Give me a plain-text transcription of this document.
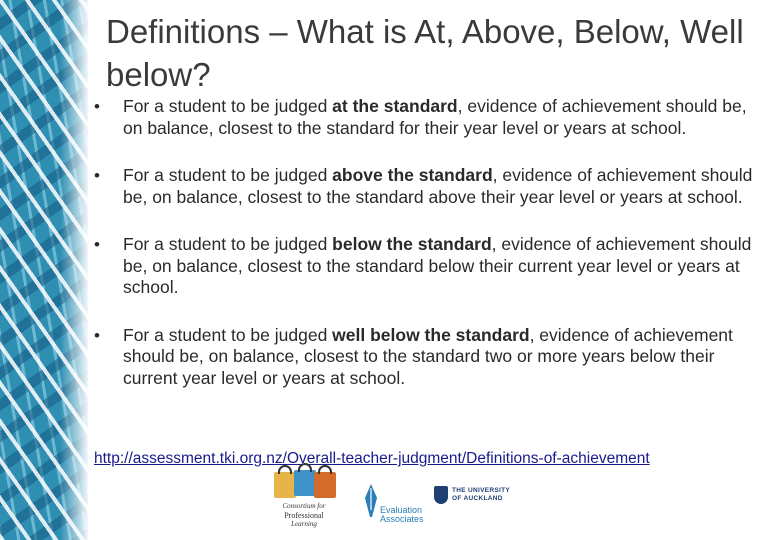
Definitions – What is At, Above, Below, Well below?

• For a student to be judged at the standard, evidence of achievement should be, on balance, closest to the standard for their year level or years at school.

• For a student to be judged above the standard, evidence of achievement should be, on balance, closest to the standard above their year level or years at school.

• For a student to be judged below the standard, evidence of achievement should be, on balance, closest to the standard below their current year level or years at school.

• For a student to be judged well below the standard, evidence of achievement should be, on balance, closest to the standard two or more years below their current year level or years at school.

http://assessment.tki.org.nz/Overall-teacher-judgment/Definitions-of-achievement
Consortium for
Professional
Learning
Evaluation
Associates
THE UNIVERSITY
OF AUCKLAND
